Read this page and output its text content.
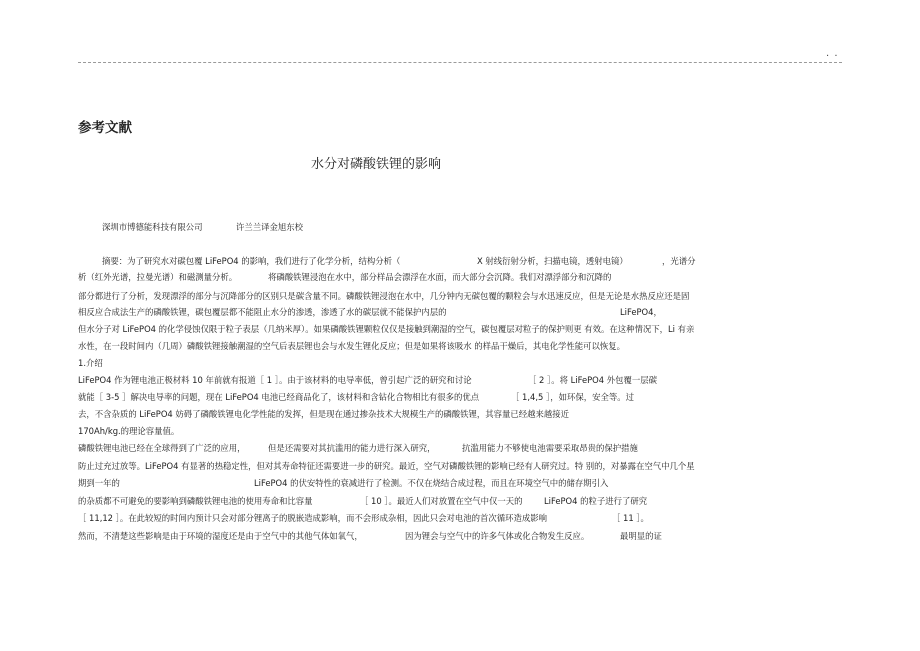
. .
参考文献
水分对磷酸铁锂的影响
深圳市博德能科技有限公司	许兰兰译金旭东校
摘要：为了研究水对碳包覆 LiFePO4 的影响，我们进行了化学分析，结构分析（	X 射线衍射分析，扫描电镜，透射电镜）	，光谱分
析（红外光谱，拉曼光谱）和磁测量分析。	将磷酸铁锂浸泡在水中，部分样品会漂浮在水面，而大部分会沉降。我们对漂浮部分和沉降的
部分都进行了分析，发现漂浮的部分与沉降部分的区别只是碳含量不同。磷酸铁锂浸泡在水中，几分钟内无碳包覆的颗粒会与水迅速反应，但是无论是水热反应还是固
相反应合成法生产的磷酸铁锂，碳包覆层都不能阻止水分的渗透，渗透了水的碳层就不能保护内层的	LiFePO4，
但水分子对 LiFePO4 的化学侵蚀仅限于粒子表层（几纳米厚）。如果磷酸铁锂颗粒仅仅是接触到潮湿的空气，碳包覆层对粒子的保护则更 有效。在这种情况下，Li 有亲
水性，在一段时间内（几周）磷酸铁锂接触潮湿的空气后表层锂也会与水发生锂化反应；但是如果将该吸水 的样品干燥后，其电化学性能可以恢复。
1.介绍
LiFePO4 作为锂电池正极材料 10 年前就有报道［ 1 ］。由于该材料的电导率低，曾引起广泛的研究和讨论	［ 2 ］。将 LiFePO4 外包覆一层碳
就能［ 3-5 ］解决电导率的问题，现在 LiFePO4 电池已经商品化了，该材料和含钻化合物相比有很多的优点	［ 1,4,5 ］，如环保，安全等。过
去，不含杂质的 LiFePO4 妨碍了磷酸铁锂电化学性能的发挥，但是现在通过掺杂技术大规模生产的磷酸铁锂，其容量已经越来越接近
170Ah/kg.的理论容量值。
磷酸铁锂电池已经在全球得到了广泛的应用，	但是还需要对其抗滥用的能力进行深入研究，	抗滥用能力不够使电池需要采取昂贵的保护措施
防止过充过放等。LiFePO4 有显著的热稳定性，但对其寿命特征还需要进一步的研究。最近，空气对磷酸铁锂的影响已经有人研究过。特 别的，对暴露在空气中几个星
期到一年的	LiFePO4 的伏安特性的衰减进行了检测。不仅在烧结合成过程，而且在环境空气中的储存期引入
的杂质都不可避免的要影响到磷酸铁锂电池的使用寿命和比容量	［ 10 ］。最近人们对放置在空气中仅一天的	LiFePO4 的粒子进行了研究
［ 11,12 ］。在此较短的时间内预计只会对部分锂离子的脱嵌造成影响，而不会形成杂相，因此只会对电池的首次循环造成影响	［ 11 ］。
然而，不清楚这些影响是由于环境的湿度还是由于空气中的其他气体如氧气，	因为锂会与空气中的许多气体或化合物发生反应。	最明显的证
